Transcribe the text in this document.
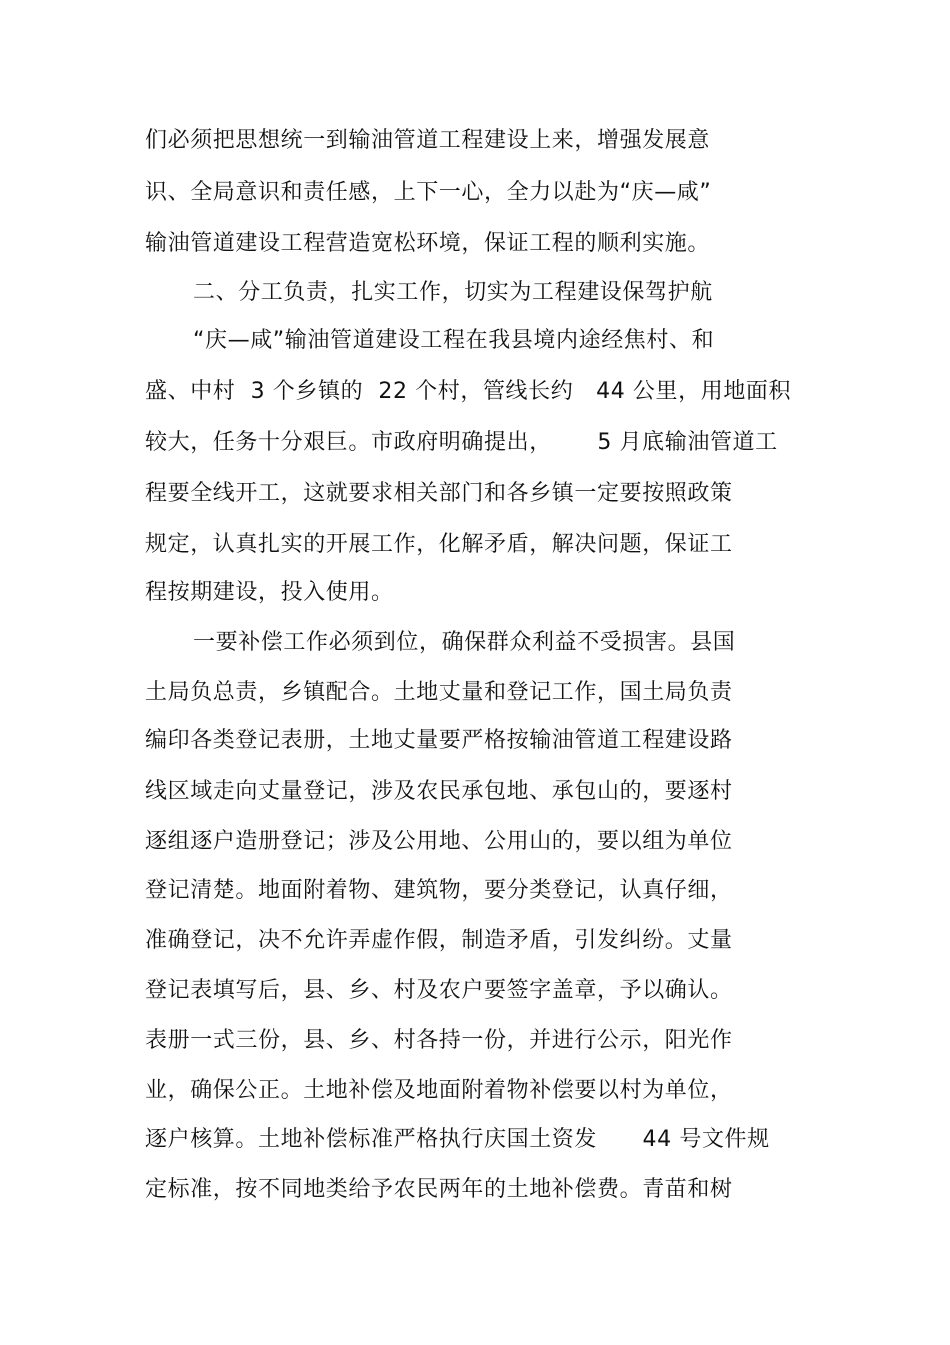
们必须把思想统一到输油管道工程建设上来，增强发展意
识、全局意识和责任感，上下一心，全力以赴为“庆—咸”
输油管道建设工程营造宽松环境，保证工程的顺利实施。
二、分工负责，扎实工作，切实为工程建设保驾护航
“庆—咸”输油管道建设工程在我县境内途经焦村、和
盛、中村  3 个乡镇的  22 个村，管线长约   44 公里，用地面积
较大，任务十分艰巨。市政府明确提出，      5 月底输油管道工
程要全线开工，这就要求相关部门和各乡镇一定要按照政策
规定，认真扎实的开展工作，化解矛盾，解决问题，保证工
程按期建设，投入使用。
一要补偿工作必须到位，确保群众利益不受损害。县国
土局负总责，乡镇配合。土地丈量和登记工作，国土局负责
编印各类登记表册，土地丈量要严格按输油管道工程建设路
线区域走向丈量登记，涉及农民承包地、承包山的，要逐村
逐组逐户造册登记；涉及公用地、公用山的，要以组为单位
登记清楚。地面附着物、建筑物，要分类登记，认真仔细，
准确登记，决不允许弄虚作假，制造矛盾，引发纠纷。丈量
登记表填写后，县、乡、村及农户要签字盖章，予以确认。
表册一式三份，县、乡、村各持一份，并进行公示，阳光作
业，确保公正。土地补偿及地面附着物补偿要以村为单位，
逐户核算。土地补偿标准严格执行庆国土资发      44 号文件规
定标准，按不同地类给予农民两年的土地补偿费。青苗和树
